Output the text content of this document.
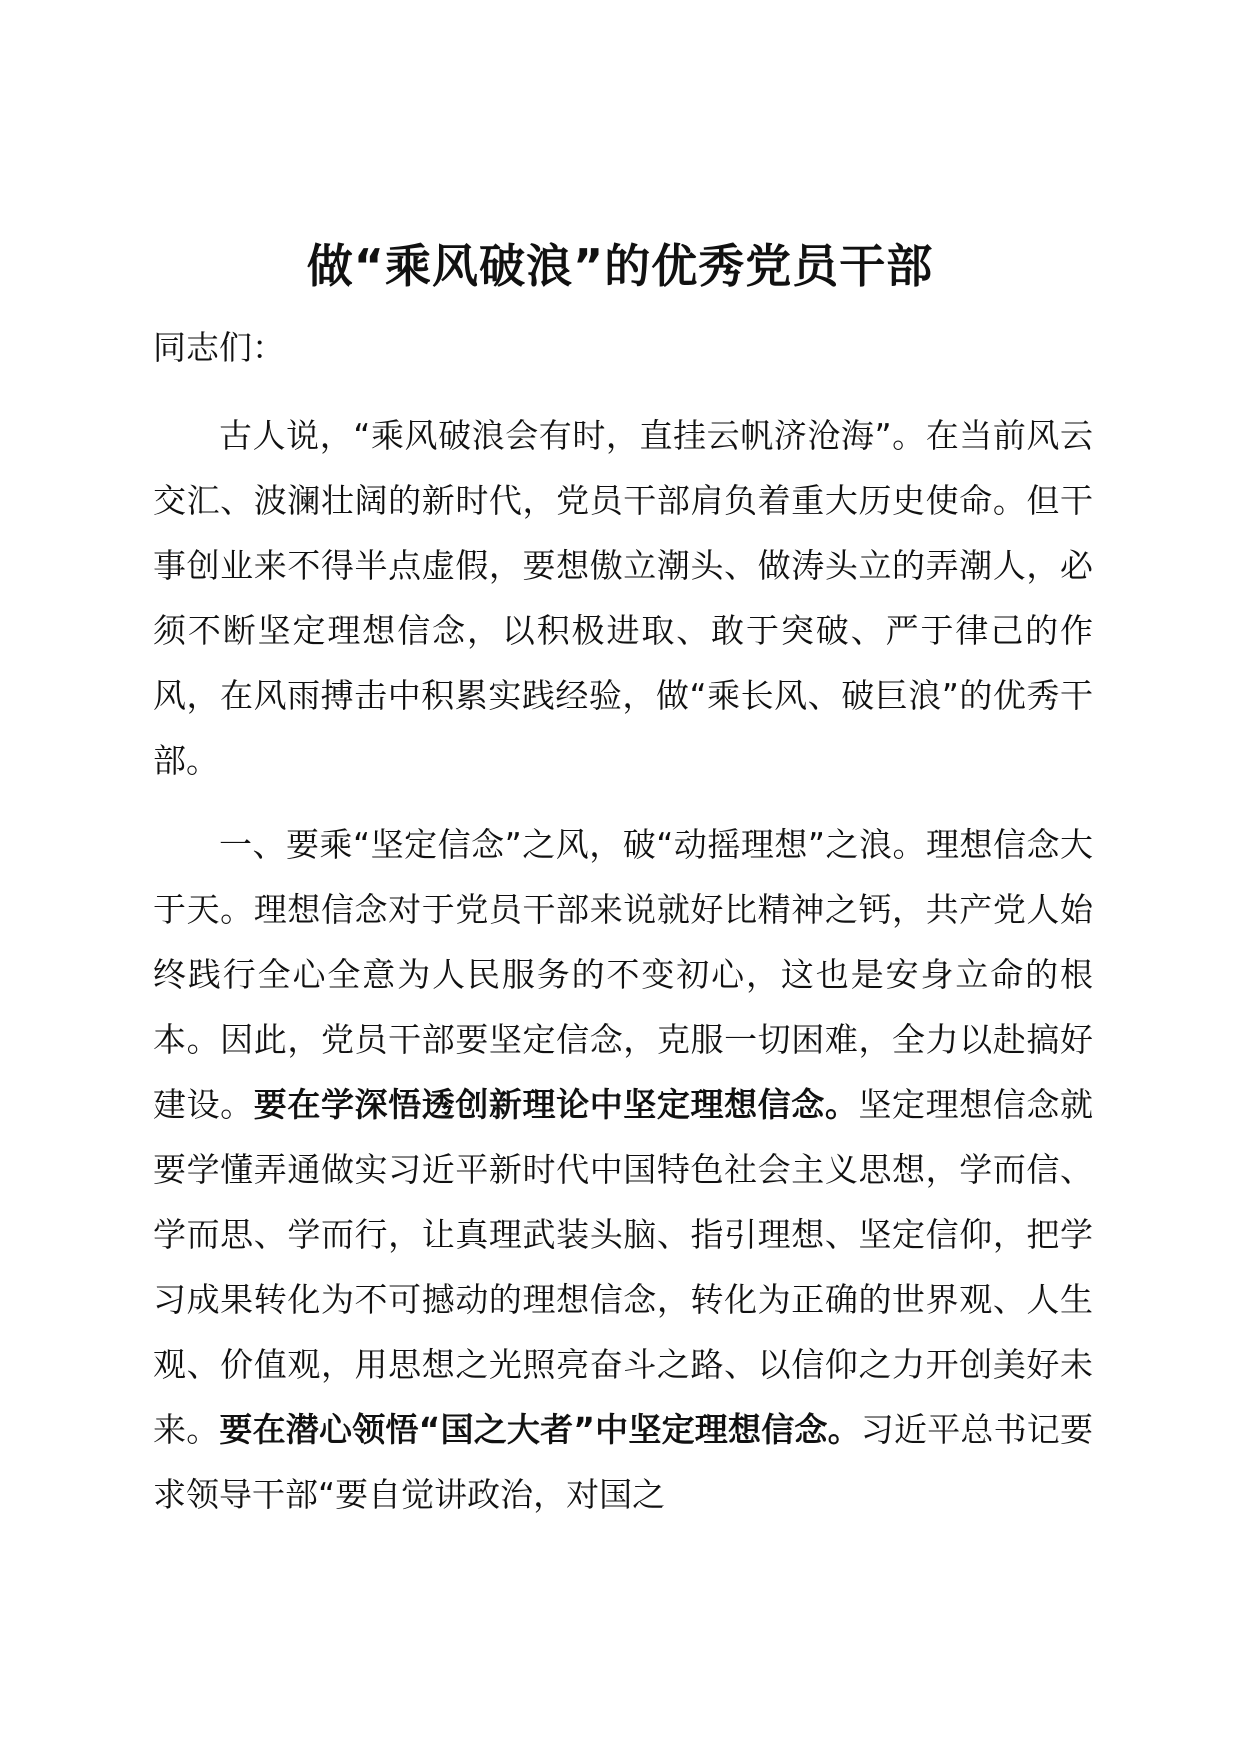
做“乘风破浪”的优秀党员干部

同志们：

古人说，“乘风破浪会有时，直挂云帆济沧海”。在当前风云交汇、波澜壮阔的新时代，党员干部肩负着重大历史使命。但干事创业来不得半点虚假，要想傲立潮头、做涛头立的弄潮人，必须不断坚定理想信念，以积极进取、敢于突破、严于律己的作风，在风雨搏击中积累实践经验，做“乘长风、破巨浪”的优秀干部。

一、要乘“坚定信念”之风，破“动摇理想”之浪。理想信念大于天。理想信念对于党员干部来说就好比精神之钙，共产党人始终践行全心全意为人民服务的不变初心，这也是安身立命的根本。因此，党员干部要坚定信念，克服一切困难，全力以赴搞好建设。要在学深悟透创新理论中坚定理想信念。坚定理想信念就要学懂弄通做实习近平新时代中国特色社会主义思想，学而信、学而思、学而行，让真理武装头脑、指引理想、坚定信仰，把学习成果转化为不可撼动的理想信念，转化为正确的世界观、人生观、价值观，用思想之光照亮奋斗之路、以信仰之力开创美好未来。要在潜心领悟“国之大者”中坚定理想信念。习近平总书记要求领导干部“要自觉讲政治，对国之
